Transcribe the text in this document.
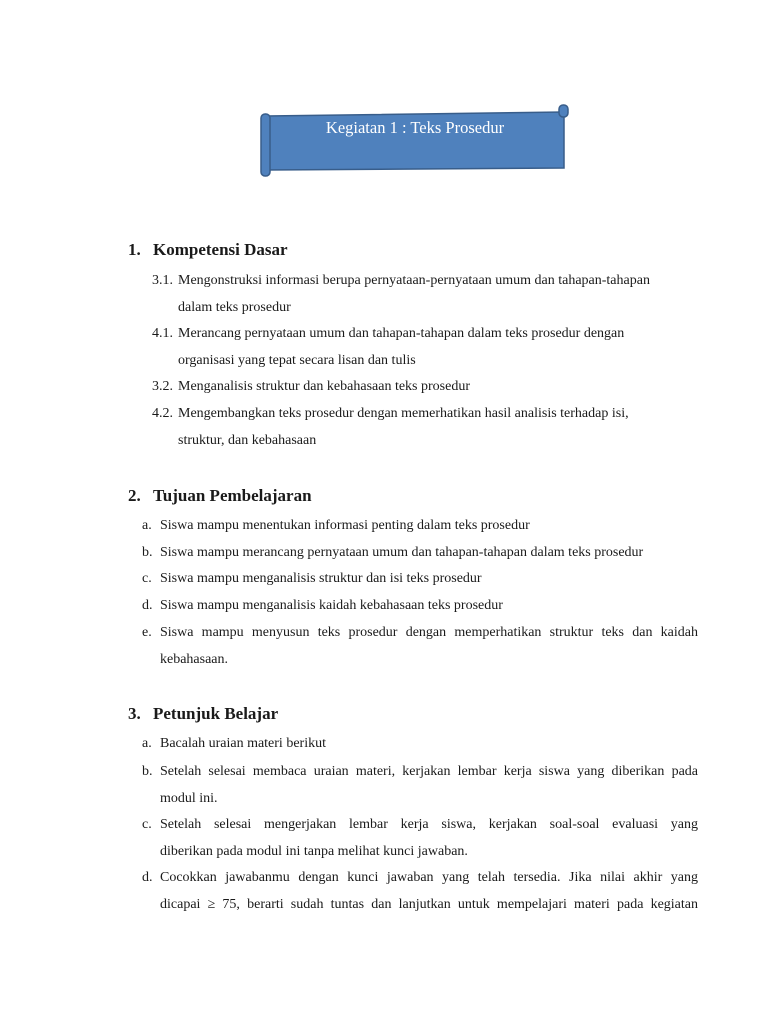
Kegiatan 1 : Teks Prosedur
1. Kompetensi Dasar
3.1. Mengonstruksi informasi berupa pernyataan-pernyataan umum dan tahapan-tahapan
dalam teks prosedur
4.1. Merancang pernyataan umum dan tahapan-tahapan dalam teks prosedur dengan
organisasi yang tepat secara lisan dan tulis
3.2. Menganalisis struktur dan kebahasaan teks prosedur
4.2. Mengembangkan teks prosedur dengan memerhatikan hasil analisis terhadap isi,
struktur, dan kebahasaan
2. Tujuan Pembelajaran
a. Siswa mampu menentukan informasi penting dalam teks prosedur
b. Siswa mampu merancang pernyataan umum dan tahapan-tahapan dalam teks prosedur
c. Siswa mampu menganalisis struktur dan isi teks prosedur
d. Siswa mampu menganalisis kaidah kebahasaan teks prosedur
e. Siswa mampu menyusun teks prosedur dengan memperhatikan struktur teks dan kaidah
kebahasaan.
3. Petunjuk Belajar
a. Bacalah uraian materi berikut
b. Setelah selesai membaca uraian materi, kerjakan lembar kerja siswa yang diberikan pada
modul ini.
c. Setelah selesai mengerjakan lembar kerja siswa, kerjakan soal-soal evaluasi yang
diberikan pada modul ini tanpa melihat kunci jawaban.
d. Cocokkan jawabanmu dengan kunci jawaban yang telah tersedia. Jika nilai akhir yang
dicapai ≥ 75, berarti sudah tuntas dan lanjutkan untuk mempelajari materi pada kegiatan
